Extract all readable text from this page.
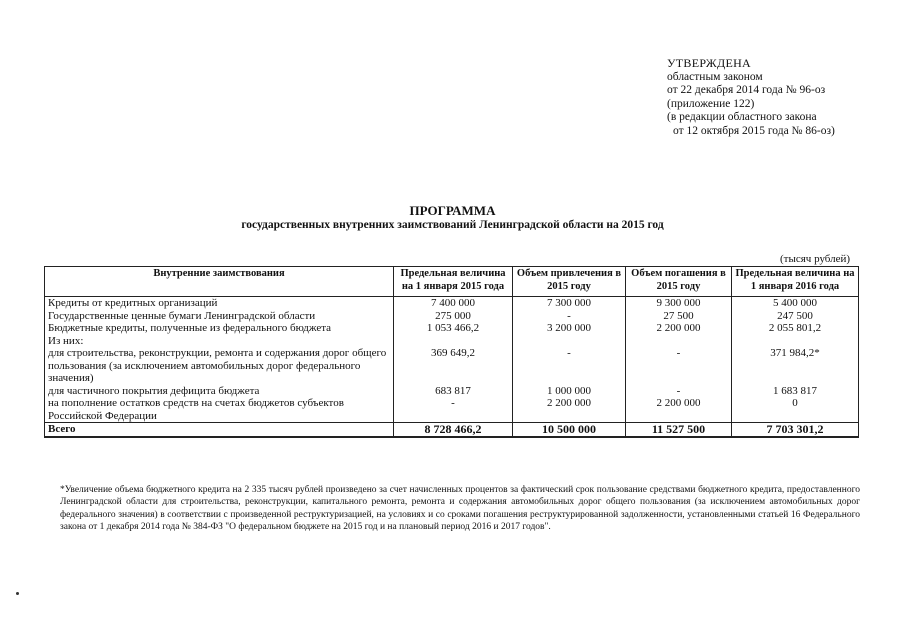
УТВЕРЖДЕНА
областным законом
от 22 декабря 2014 года № 96-оз
(приложение 122)
(в редакции областного закона
от 12 октября 2015 года № 86-оз)
ПРОГРАММА
государственных внутренних заимствований Ленинградской области на 2015 год
(тысяч рублей)
Внутренние заимствования	Предельная величина на 1 января 2015 года	Объем привлечения в 2015 году	Объем погашения в 2015 году	Предельная величина на 1 января 2016 года
Кредиты от кредитных организаций	7 400 000	7 300 000	9 300 000	5 400 000
Государственные ценные бумаги Ленинградской области	275 000	-	27 500	247 500
Бюджетные кредиты, полученные из федерального бюджета	1 053 466,2	3 200 000	2 200 000	2 055 801,2
Из них:				
для строительства, реконструкции, ремонта и содержания дорог общего пользования (за исключением автомобильных дорог федерального значения)	369 649,2	-	-	371 984,2*
для частичного покрытия дефицита бюджета	683 817	1 000 000	-	1 683 817
на пополнение остатков средств на счетах бюджетов субъектов Российской Федерации	-	2 200 000	2 200 000	0
Всего	8 728 466,2	10 500 000	11 527 500	7 703 301,2
*Увеличение объема бюджетного кредита на 2 335 тысяч рублей произведено за счет начисленных процентов за фактический срок пользование средствами бюджетного кредита, предоставленного Ленинградской области для строительства, реконструкции, капитального ремонта, ремонта и содержания автомобильных дорог общего пользования (за исключением автомобильных дорог федерального значения) в соответствии с произведенной реструктуризацией, на условиях и со сроками погашения реструктурированной задолженности, установленными статьей 16 Федерального закона от 1 декабря 2014 года № 384-ФЗ "О федеральном бюджете на 2015 год и на плановый период 2016 и 2017 годов".
